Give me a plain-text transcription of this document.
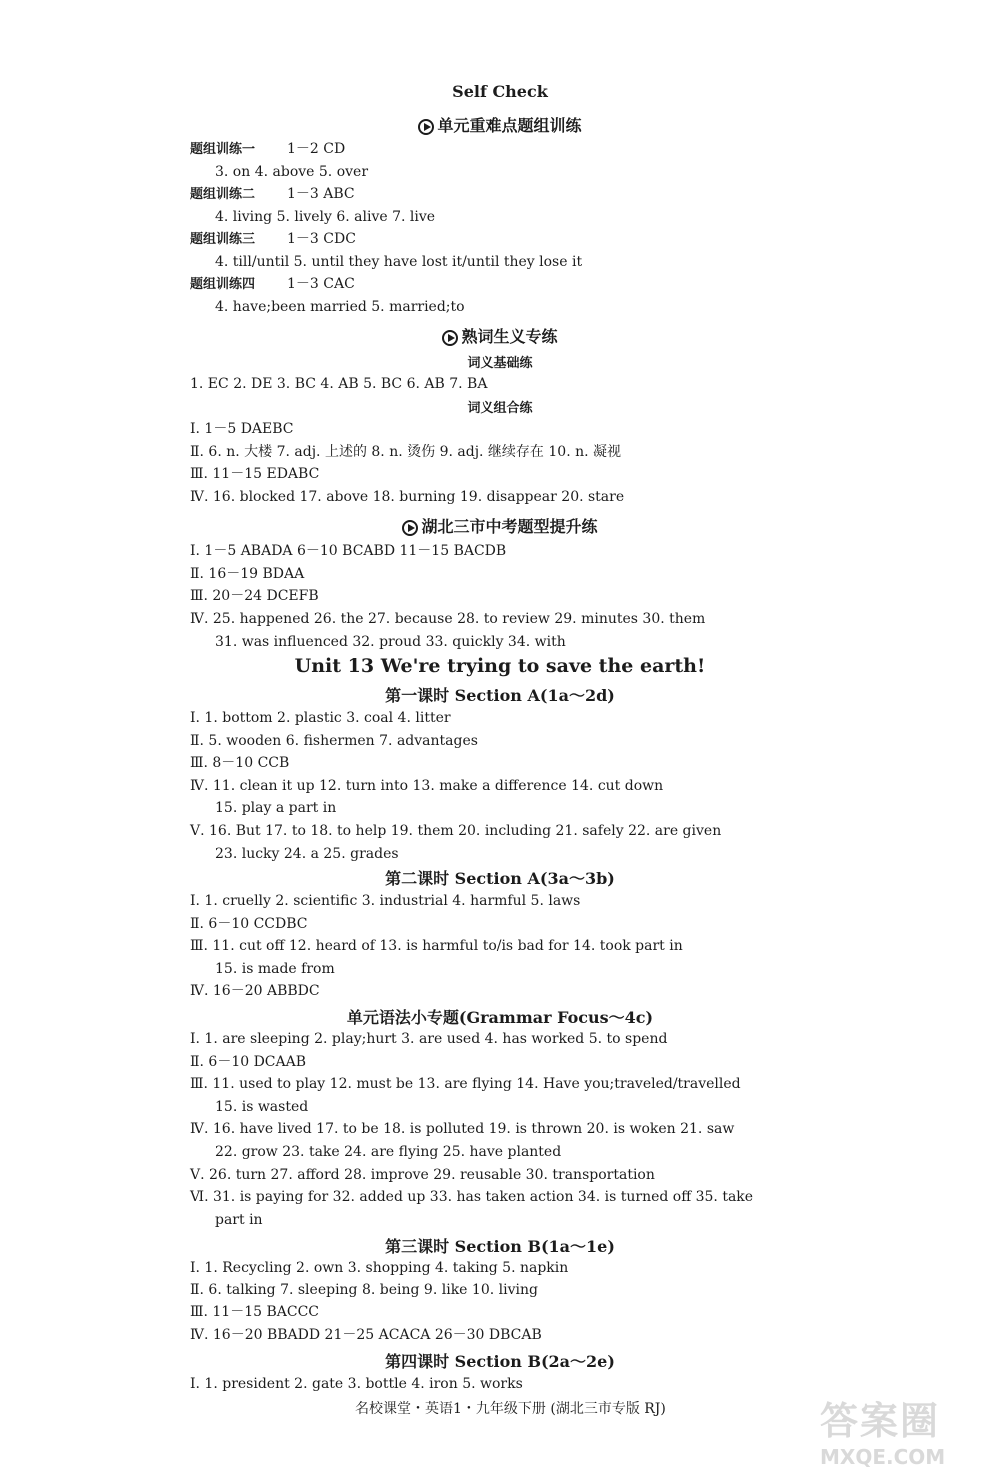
Self Check
单元重难点题组训练
题组训练一 1－2 CD
3. on 4. above 5. over
题组训练二 1－3 ABC
4. living 5. lively 6. alive 7. live
题组训练三 1－3 CDC
4. till/until 5. until they have lost it/until they lose it
题组训练四 1－3 CAC
4. have;been married 5. married;to
熟词生义专练
词义基础练
1. EC 2. DE 3. BC 4. AB 5. BC 6. AB 7. BA
词义组合练
Ⅰ. 1－5 DAEBC
Ⅱ. 6. n. 大楼 7. adj. 上述的 8. n. 烫伤 9. adj. 继续存在 10. n. 凝视
Ⅲ. 11－15 EDABC
Ⅳ. 16. blocked 17. above 18. burning 19. disappear 20. stare
湖北三市中考题型提升练
Ⅰ. 1－5 ABADA 6－10 BCABD 11－15 BACDB
Ⅱ. 16－19 BDAA
Ⅲ. 20－24 DCEFB
Ⅳ. 25. happened 26. the 27. because 28. to review 29. minutes 30. them
31. was influenced 32. proud 33. quickly 34. with
Unit 13 We're trying to save the earth!
第一课时 Section A(1a～2d)
Ⅰ. 1. bottom 2. plastic 3. coal 4. litter
Ⅱ. 5. wooden 6. fishermen 7. advantages
Ⅲ. 8－10 CCB
Ⅳ. 11. clean it up 12. turn into 13. make a difference 14. cut down
15. play a part in
Ⅴ. 16. But 17. to 18. to help 19. them 20. including 21. safely 22. are given
23. lucky 24. a 25. grades
第二课时 Section A(3a～3b)
Ⅰ. 1. cruelly 2. scientific 3. industrial 4. harmful 5. laws
Ⅱ. 6－10 CCDBC
Ⅲ. 11. cut off 12. heard of 13. is harmful to/is bad for 14. took part in
15. is made from
Ⅳ. 16－20 ABBDC
单元语法小专题(Grammar Focus～4c)
Ⅰ. 1. are sleeping 2. play;hurt 3. are used 4. has worked 5. to spend
Ⅱ. 6－10 DCAAB
Ⅲ. 11. used to play 12. must be 13. are flying 14. Have you;traveled/travelled
15. is wasted
Ⅳ. 16. have lived 17. to be 18. is polluted 19. is thrown 20. is woken 21. saw
22. grow 23. take 24. are flying 25. have planted
Ⅴ. 26. turn 27. afford 28. improve 29. reusable 30. transportation
Ⅵ. 31. is paying for 32. added up 33. has taken action 34. is turned off 35. take
part in
第三课时 Section B(1a～1e)
Ⅰ. 1. Recycling 2. own 3. shopping 4. taking 5. napkin
Ⅱ. 6. talking 7. sleeping 8. being 9. like 10. living
Ⅲ. 11－15 BACCC
Ⅳ. 16－20 BBADD 21－25 ACACA 26－30 DBCAB
第四课时 Section B(2a～2e)
Ⅰ. 1. president 2. gate 3. bottle 4. iron 5. works
名校课堂・英语1・九年级下册 (湖北三市专版 RJ)	答案圈
MXQE.COM
